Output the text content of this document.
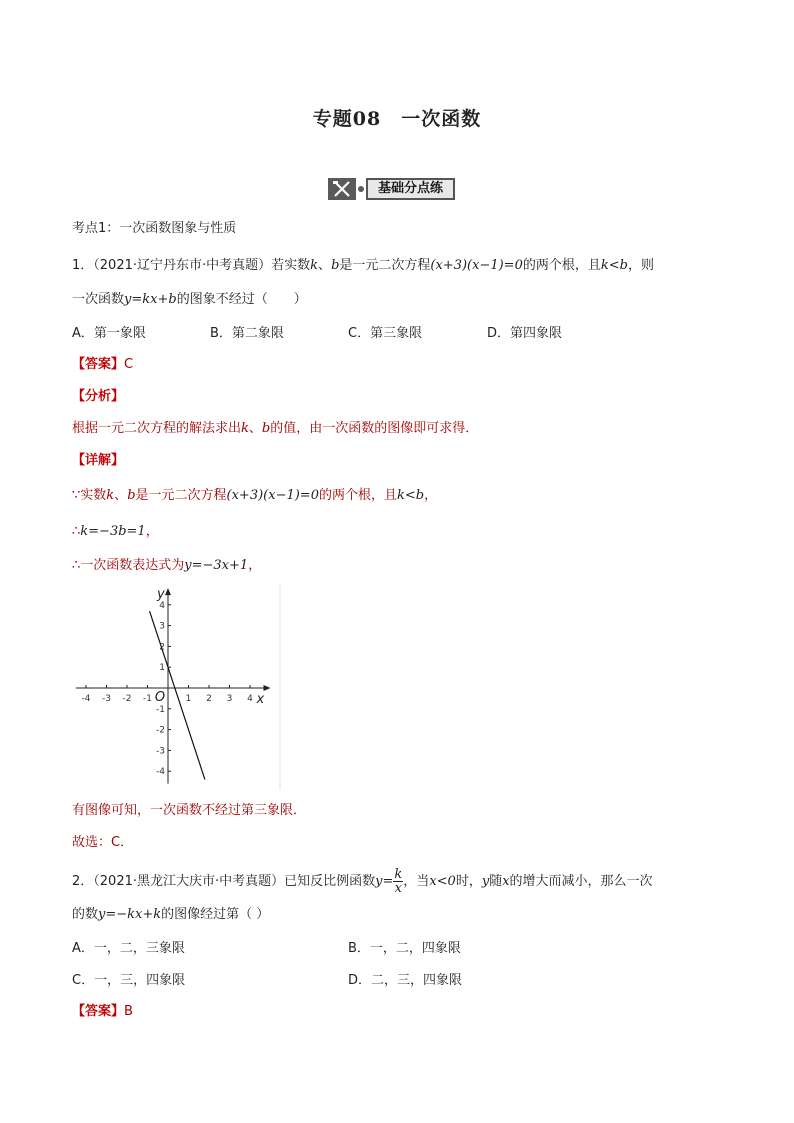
专题08　一次函数
基础分点练
考点1：一次函数图象与性质
1．（2021·辽宁丹东市·中考真题）若实数k、b是一元二次方程(x+3)(x−1)=0的两个根，且k<b，则
一次函数y=kx+b的图象不经过（　　）
A．第一象限	B．第二象限	C．第三象限	D．第四象限
【答案】C
【分析】
根据一元二次方程的解法求出k、b的值，由一次函数的图像即可求得．
【详解】
∵实数k、b是一元二次方程(x+3)(x−1)=0的两个根，且k<b，
∴k=−3b=1，
∴一次函数表达式为y=−3x+1，
-4 -3 -2 -1	1 2 3 4
4
3
2
1
-1
-2
-3
-4
x
y
O
有图像可知，一次函数不经过第三象限．
故选：C．
2．（2021·黑龙江大庆市·中考真题）已知反比例函数$y= \frac{k}{x}$ ，当x<0时，y随x的增大而减小，那么一次
的数y=−kx+k的图像经过第（ ）
A．一，二，三象限	B．一，二，四象限
C．一，三，四象限	D．二，三，四象限
【答案】B
